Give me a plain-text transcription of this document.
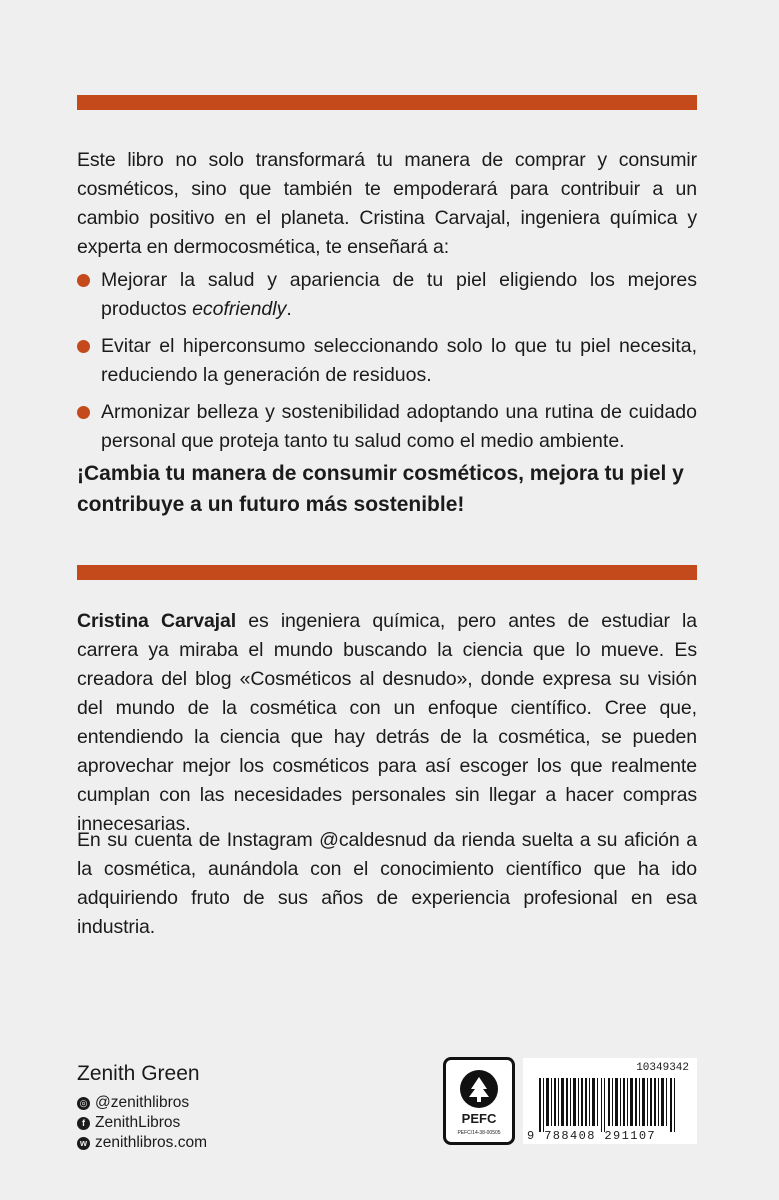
Este libro no solo transformará tu manera de comprar y consumir cosméticos, sino que también te empoderará para contribuir a un cambio positivo en el planeta. Cristina Carvajal, ingeniera química y experta en dermocosmética, te enseñará a:

Mejorar la salud y apariencia de tu piel eligiendo los mejores productos ecofriendly.
Evitar el hiperconsumo seleccionando solo lo que tu piel necesita, reduciendo la generación de residuos.
Armonizar belleza y sostenibilidad adoptando una rutina de cuidado personal que proteja tanto tu salud como el medio ambiente.

¡Cambia tu manera de consumir cosméticos, mejora tu piel y contribuye a un futuro más sostenible!

Cristina Carvajal es ingeniera química, pero antes de estudiar la carrera ya miraba el mundo buscando la ciencia que lo mueve. Es creadora del blog «Cosméticos al desnudo», donde expresa su visión del mundo de la cosmética con un enfoque científico. Cree que, entendiendo la ciencia que hay detrás de la cosmética, se pueden aprovechar mejor los cosméticos para así escoger los que realmente cumplan con las necesidades personales sin llegar a hacer compras innecesarias.

En su cuenta de Instagram @caldesnud da rienda suelta a su afición a la cosmética, aunándola con el conocimiento científico que ha ido adquiriendo fruto de sus años de experiencia profesional en esa industria.

Zenith Green
◎ @zenithlibros
f ZenithLibros
w zenithlibros.com
PEFC
PEFC/14-38-00505
10349342
9 788408 291107
